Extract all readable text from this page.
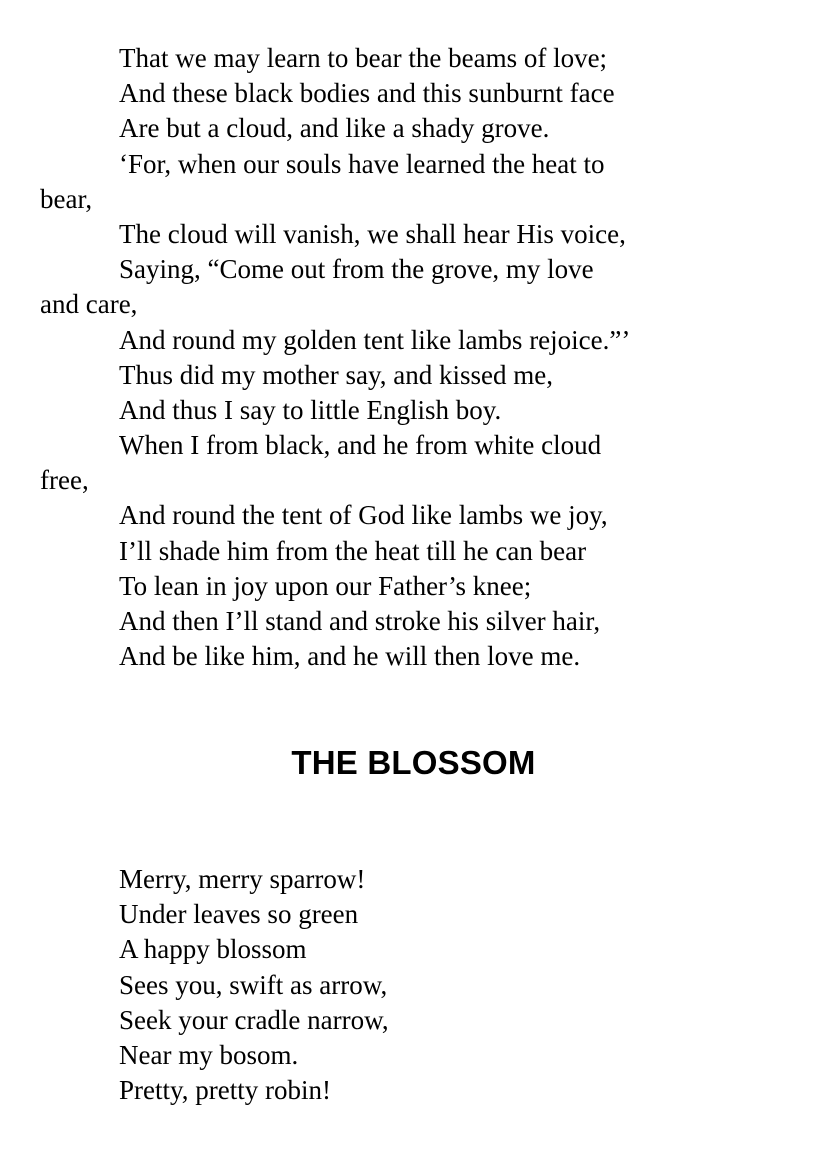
That we may learn to bear the beams of love;
And these black bodies and this sunburnt face
Are but a cloud, and like a shady grove.
‘For, when our souls have learned the heat to
bear,
The cloud will vanish, we shall hear His voice,
Saying, “Come out from the grove, my love
and care,
And round my golden tent like lambs rejoice.”’
Thus did my mother say, and kissed me,
And thus I say to little English boy.
When I from black, and he from white cloud
free,
And round the tent of God like lambs we joy,
I’ll shade him from the heat till he can bear
To lean in joy upon our Father’s knee;
And then I’ll stand and stroke his silver hair,
And be like him, and he will then love me.
THE BLOSSOM
Merry, merry sparrow!
Under leaves so green
A happy blossom
Sees you, swift as arrow,
Seek your cradle narrow,
Near my bosom.
Pretty, pretty robin!
